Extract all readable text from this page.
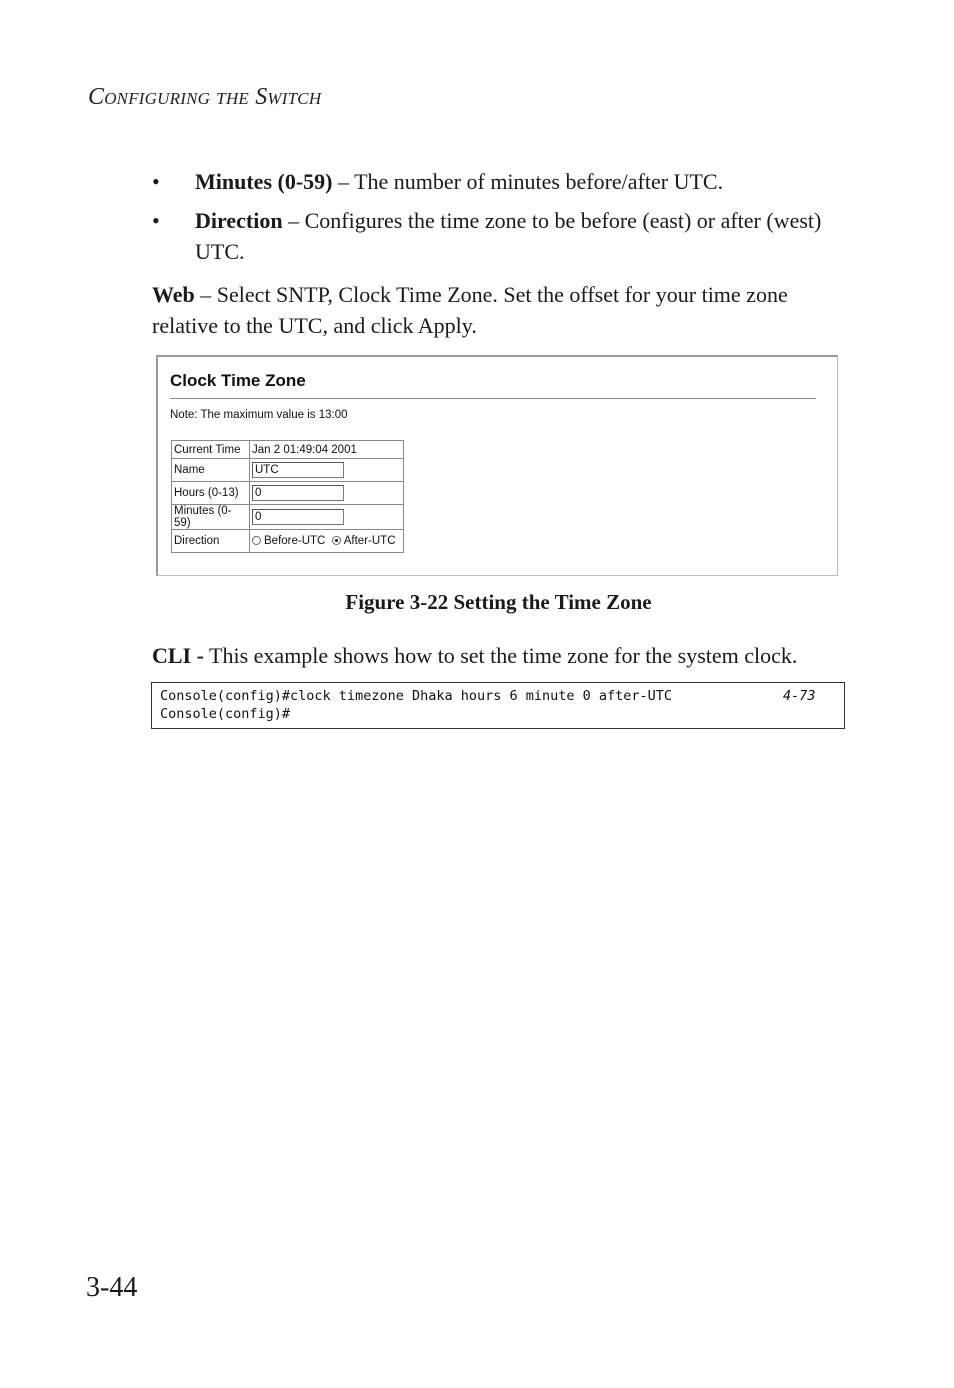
Configuring the Switch
• Minutes (0-59) – The number of minutes before/after UTC.
• Direction – Configures the time zone to be before (east) or after (west) UTC.
Web – Select SNTP, Clock Time Zone. Set the offset for your time zone relative to the UTC, and click Apply.
Clock Time Zone
Note: The maximum value is 13:00
Current Time	Jan 2 01:49:04 2001
Name	UTC
Hours (0-13)	0
Minutes (0-59)	0
Direction	Before-UTC After-UTC
Figure 3-22 Setting the Time Zone
CLI - This example shows how to set the time zone for the system clock.
Console(config)#clock timezone Dhaka hours 6 minute 0 after-UTC	4-73
Console(config)#
3-44
